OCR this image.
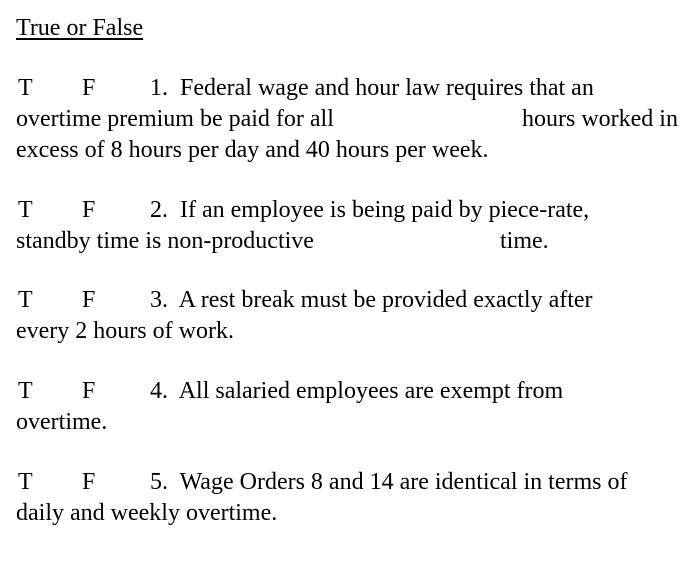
True or False
T F 1. Federal wage and hour law requires that an
overtime premium be paid for all	hours worked in
excess of 8 hours per day and 40 hours per week.
T F 2. If an employee is being paid by piece-rate,
standby time is non-productive	time.
T F 3. A rest break must be provided exactly after
every 2 hours of work.
T F 4. All salaried employees are exempt from
overtime.
T F 5. Wage Orders 8 and 14 are identical in terms of
daily and weekly overtime.
